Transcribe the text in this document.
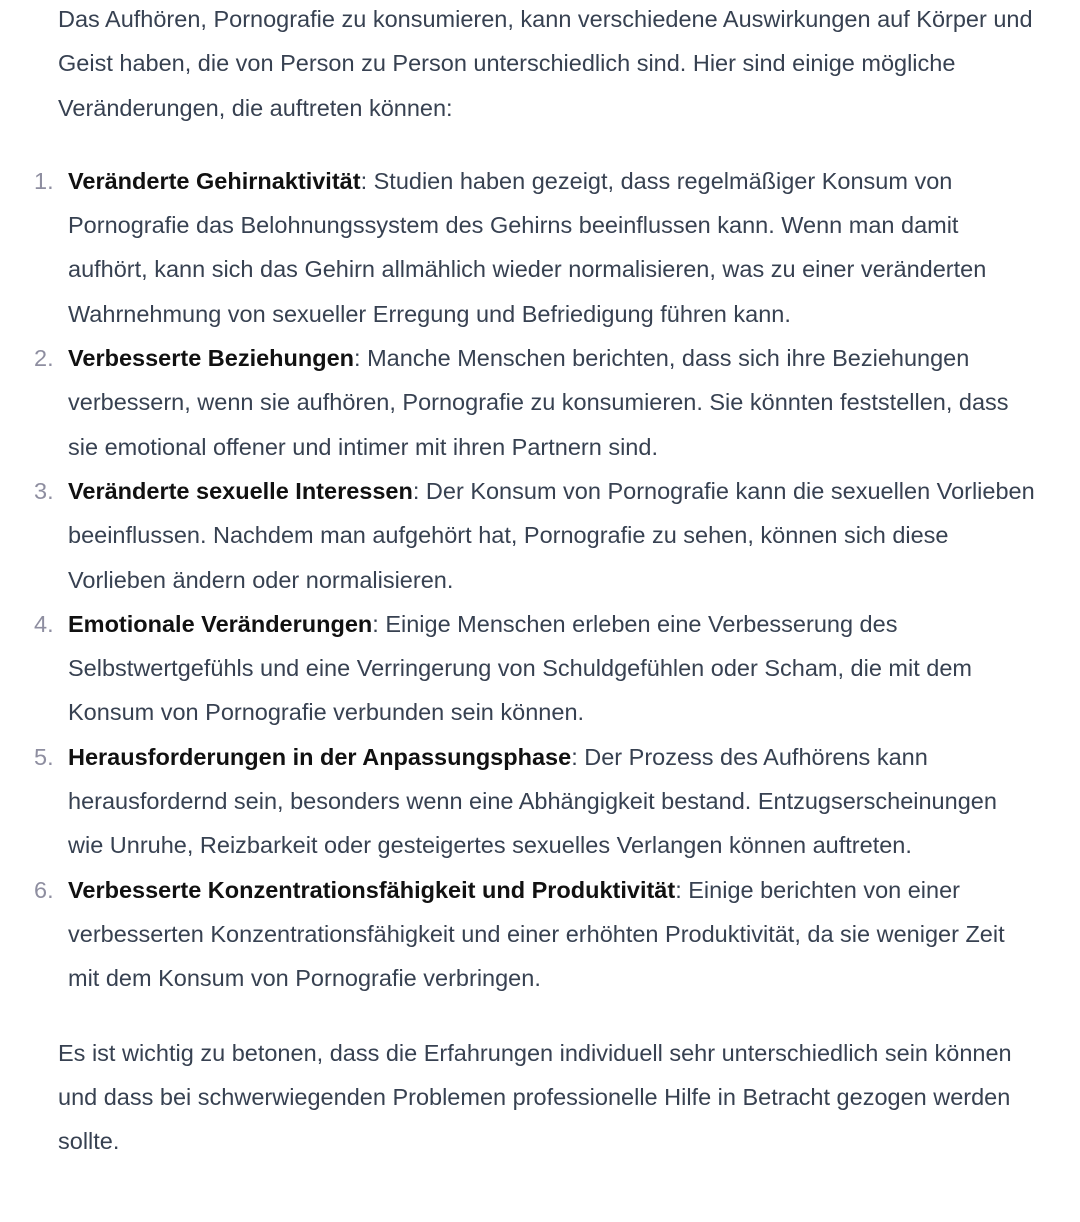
Das Aufhören, Pornografie zu konsumieren, kann verschiedene Auswirkungen auf Körper und Geist haben, die von Person zu Person unterschiedlich sind. Hier sind einige mögliche Veränderungen, die auftreten können:

1. Veränderte Gehirnaktivität: Studien haben gezeigt, dass regelmäßiger Konsum von Pornografie das Belohnungssystem des Gehirns beeinflussen kann. Wenn man damit aufhört, kann sich das Gehirn allmählich wieder normalisieren, was zu einer veränderten Wahrnehmung von sexueller Erregung und Befriedigung führen kann.
2. Verbesserte Beziehungen: Manche Menschen berichten, dass sich ihre Beziehungen verbessern, wenn sie aufhören, Pornografie zu konsumieren. Sie könnten feststellen, dass sie emotional offener und intimer mit ihren Partnern sind.
3. Veränderte sexuelle Interessen: Der Konsum von Pornografie kann die sexuellen Vorlieben beeinflussen. Nachdem man aufgehört hat, Pornografie zu sehen, können sich diese Vorlieben ändern oder normalisieren.
4. Emotionale Veränderungen: Einige Menschen erleben eine Verbesserung des Selbstwertgefühls und eine Verringerung von Schuldgefühlen oder Scham, die mit dem Konsum von Pornografie verbunden sein können.
5. Herausforderungen in der Anpassungsphase: Der Prozess des Aufhörens kann herausfordernd sein, besonders wenn eine Abhängigkeit bestand. Entzugserscheinungen wie Unruhe, Reizbarkeit oder gesteigertes sexuelles Verlangen können auftreten.
6. Verbesserte Konzentrationsfähigkeit und Produktivität: Einige berichten von einer verbesserten Konzentrationsfähigkeit und einer erhöhten Produktivität, da sie weniger Zeit mit dem Konsum von Pornografie verbringen.

Es ist wichtig zu betonen, dass die Erfahrungen individuell sehr unterschiedlich sein können und dass bei schwerwiegenden Problemen professionelle Hilfe in Betracht gezogen werden sollte.
